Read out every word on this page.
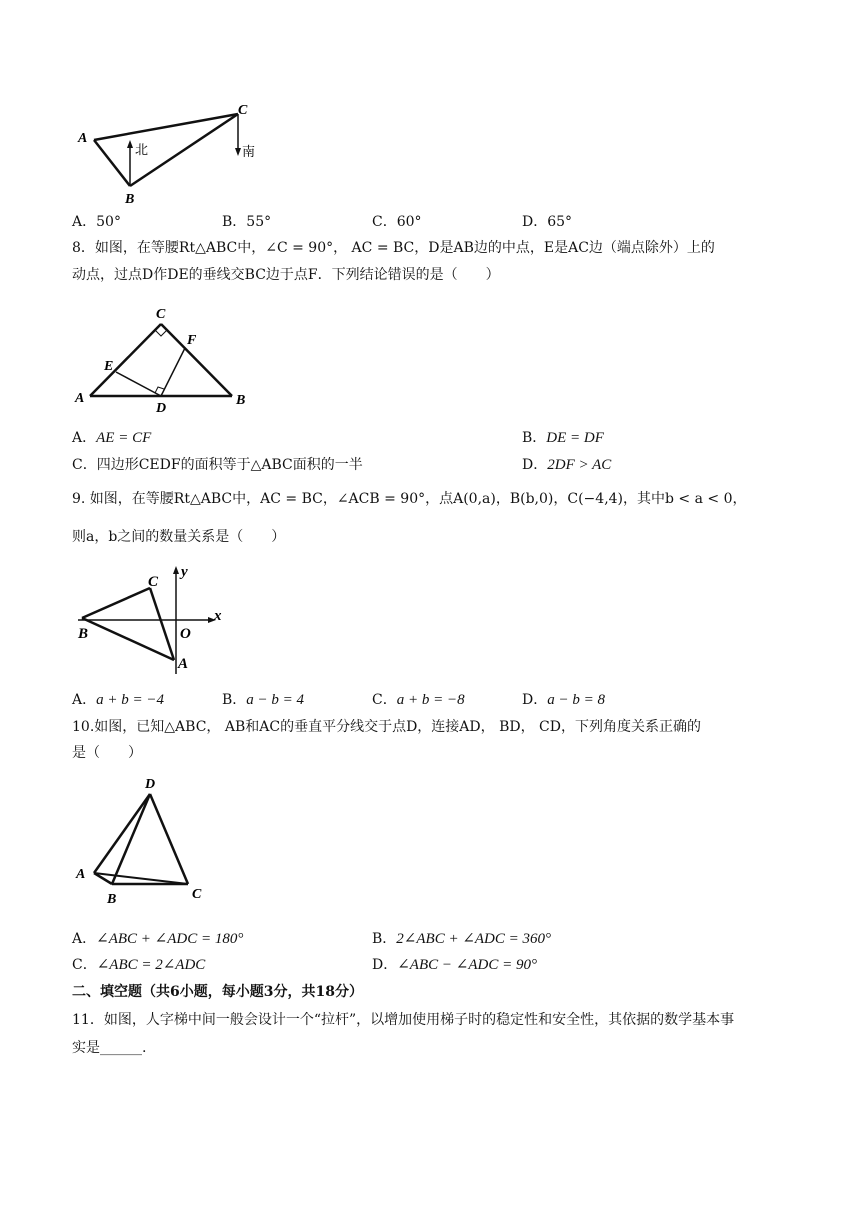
A
B
C
北	南
A．50°	B．55°	C．60°	D．65°
8．如图，在等腰Rt△ABC中，∠C = 90°， AC = BC，D是AB边的中点，E是AC边（端点除外）上的
动点，过点D作DE的垂线交BC边于点F．下列结论错误的是（　　）
A	B
C
D
E
F
A．AE = CF	B．DE = DF
C．四边形CEDF的面积等于△ABC面积的一半	D．2DF > AC
9. 如图，在等腰Rt△ABC中，AC = BC，∠ACB = 90°，点A(0,a)，B(b,0)，C(−4,4)，其中b < a < 0，
则a，b之间的数量关系是（　　）
A
B
C
O
x
y
A．a + b = −4	B．a − b = 4	C．a + b = −8	D．a − b = 8
10.如图，已知△ABC， AB和AC的垂直平分线交于点D，连接AD， BD， CD，下列角度关系正确的
是（　　）
A
B	C
D
A．∠ABC + ∠ADC = 180°	B．2∠ABC + ∠ADC = 360°
C．∠ABC = 2∠ADC	D．∠ABC − ∠ADC = 90°
二、填空题（共6小题，每小题3分，共18分）
11．如图，人字梯中间一般会设计一个“拉杆”，以增加使用梯子时的稳定性和安全性，其依据的数学基本事
实是______.
